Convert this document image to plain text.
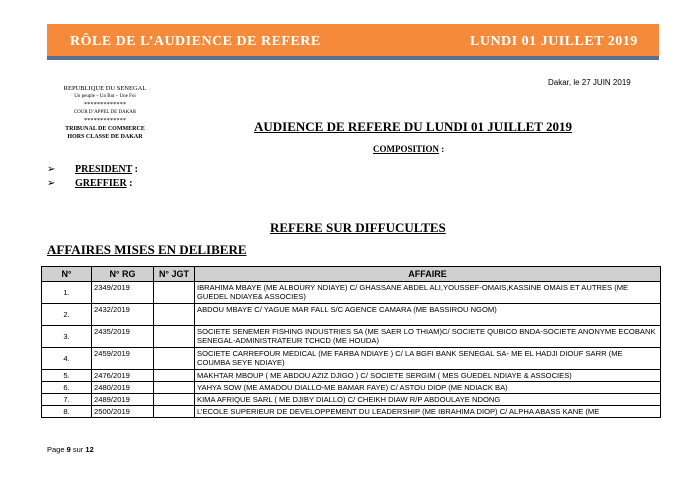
RÔLE DE L’AUDIENCE DE REFERE	LUNDI 01 JUILLET 2019
Dakar, le 27 JUIN 2019
REPUBLIQUE DU SENEGAL
Un peuple – Un But – Une Foi
*************
COUR D’APPEL DE DAKAR
*************
TRIBUNAL DE COMMERCE
HORS CLASSE DE DAKAR
AUDIENCE DE REFERE DU LUNDI 01 JUILLET 2019
COMPOSITION :
➢ PRESIDENT :
➢ GREFFIER :
REFERE SUR DIFFUCULTES
AFFAIRES MISES EN DELIBERE
N°	N° RG	N° JGT	AFFAIRE
1.	2349/2019		IBRAHIMA MBAYE (ME ALBOURY NDIAYE) C/ GHASSANE ABDEL ALI,YOUSSEF-OMAIS,KASSINE OMAIS ET AUTRES (ME GUEDEL NDIAYE& ASSOCIES)
2.	2432/2019		ABDOU MBAYE C/ YAGUE MAR FALL S/C AGENCE CAMARA (ME BASSIROU NGOM)
3.	2435/2019		SOCIETE SENEMER FISHING INDUSTRIES SA (ME SAER LO THIAM)C/ SOCIETE QUBICO BNDA-SOCIETE ANONYME ECOBANK SENEGAL-ADMINISTRATEUR TCHCD (ME HOUDA)
4.	2459/2019		SOCIETE CARREFOUR MEDICAL (ME FARBA NDIAYE ) C/ LA BGFI BANK SENEGAL SA- ME EL HADJI DIOUF SARR (ME COUMBA SEYE NDIAYE)
5.	2476/2019		MAKHTAR MBOUP ( ME ABDOU AZIZ DJIGO ) C/ SOCIETE SERGIM ( MES GUEDEL NDIAYE & ASSOCIES)
6.	2480/2019		YAHYA SOW (ME AMADOU DIALLO-ME BAMAR FAYE) C/ ASTOU DIOP (ME NDIACK BA)
7.	2489/2019		KIMA AFRIQUE SARL ( ME DJIBY DIALLO) C/ CHEIKH DIAW R/P ABDOULAYE NDONG
8.	2500/2019		L’ECOLE SUPERIEUR DE DEVELOPPEMENT DU LEADERSHIP (ME IBRAHIMA DIOP) C/ ALPHA ABASS KANE (ME
Page 9 sur 12
